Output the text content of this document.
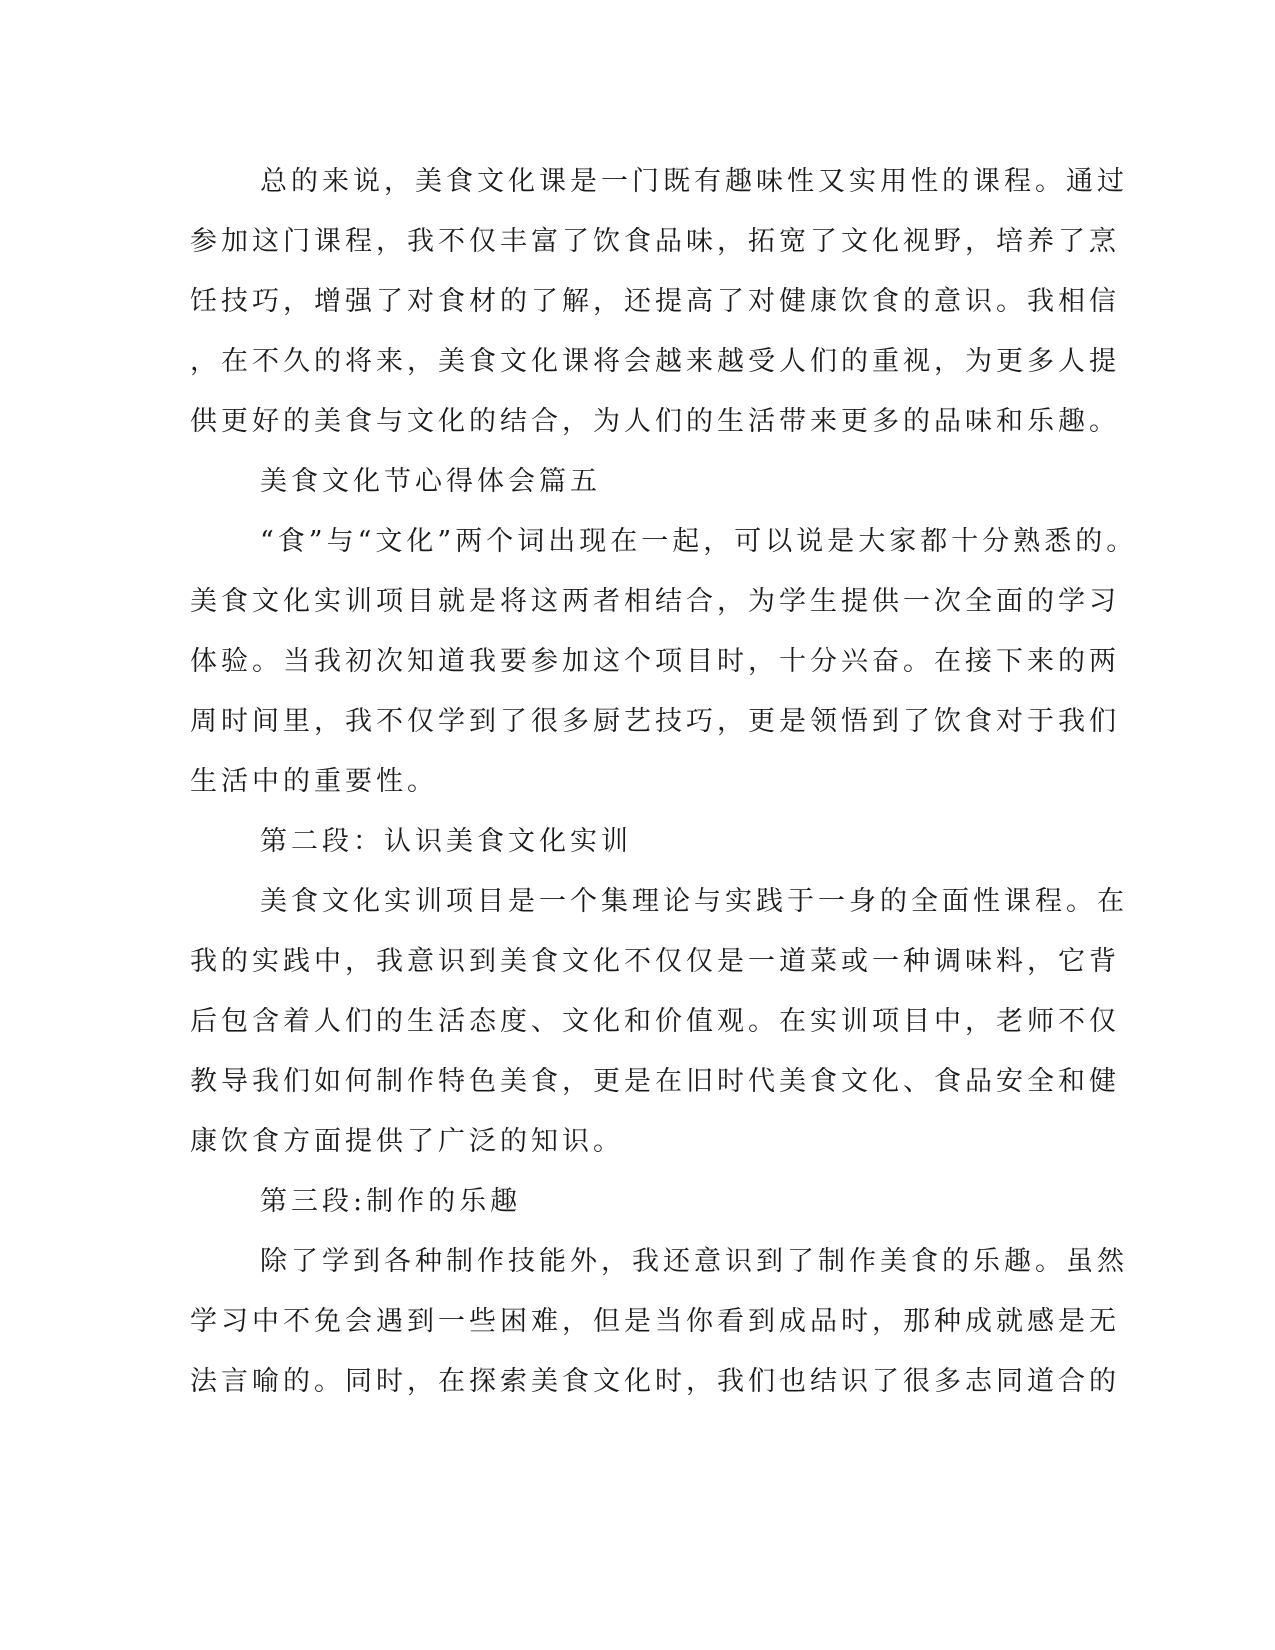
总的来说，美食文化课是一门既有趣味性又实用性的课程。通过
参加这门课程，我不仅丰富了饮食品味，拓宽了文化视野，培养了烹
饪技巧，增强了对食材的了解，还提高了对健康饮食的意识。我相信
，在不久的将来，美食文化课将会越来越受人们的重视，为更多人提
供更好的美食与文化的结合，为人们的生活带来更多的品味和乐趣。
美食文化节心得体会篇五
“食”与“文化”两个词出现在一起，可以说是大家都十分熟悉的。
美食文化实训项目就是将这两者相结合，为学生提供一次全面的学习
体验。当我初次知道我要参加这个项目时，十分兴奋。在接下来的两
周时间里，我不仅学到了很多厨艺技巧，更是领悟到了饮食对于我们
生活中的重要性。
第二段：认识美食文化实训
美食文化实训项目是一个集理论与实践于一身的全面性课程。在
我的实践中，我意识到美食文化不仅仅是一道菜或一种调味料，它背
后包含着人们的生活态度、文化和价值观。在实训项目中，老师不仅
教导我们如何制作特色美食，更是在旧时代美食文化、食品安全和健
康饮食方面提供了广泛的知识。
第三段:制作的乐趣
除了学到各种制作技能外，我还意识到了制作美食的乐趣。虽然
学习中不免会遇到一些困难，但是当你看到成品时，那种成就感是无
法言喻的。同时，在探索美食文化时，我们也结识了很多志同道合的
